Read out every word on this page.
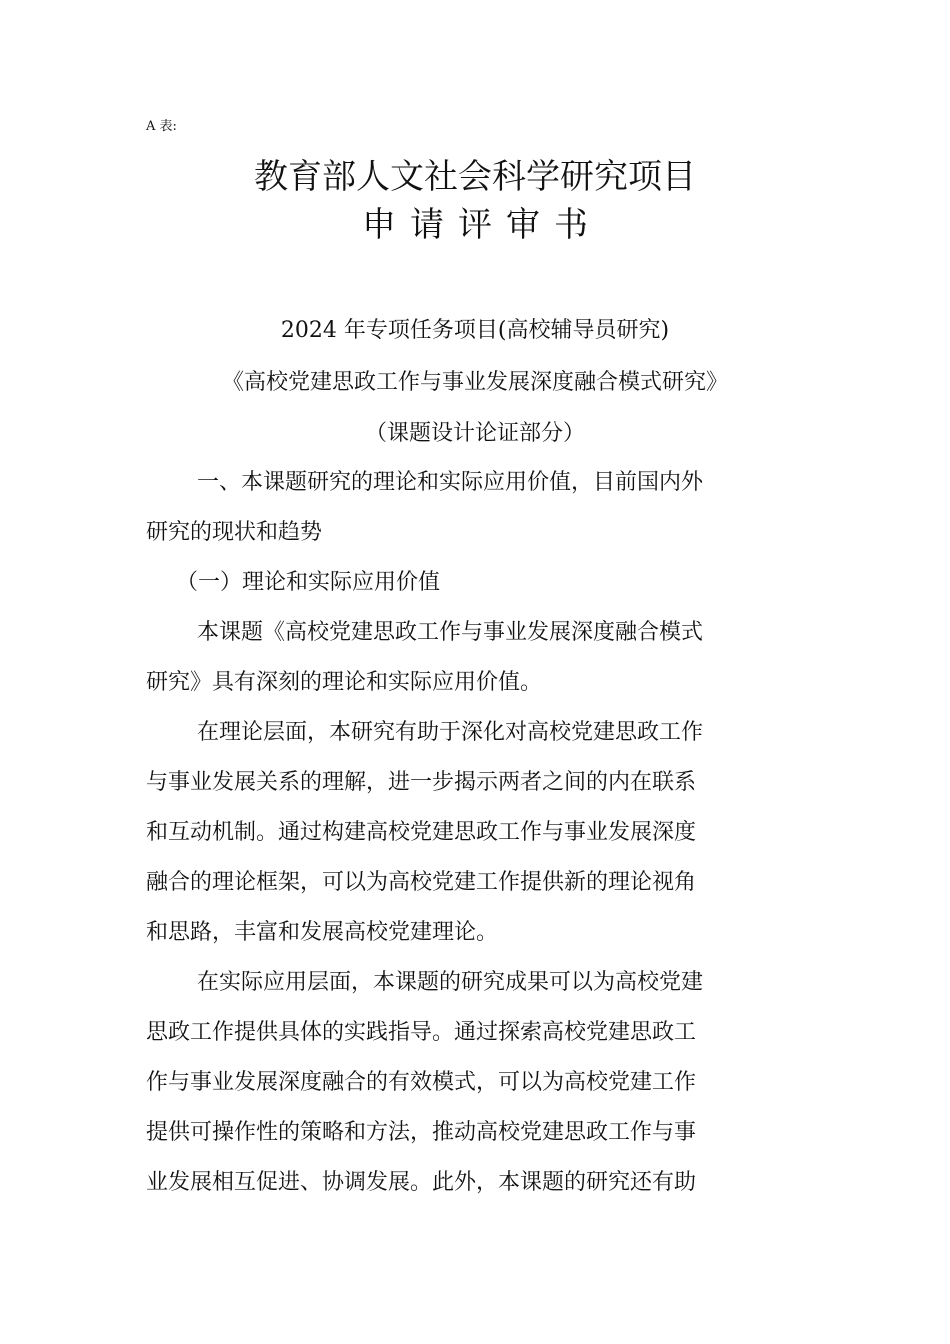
A 表:
教育部人文社会科学研究项目
申请评审书
2024 年专项任务项目(高校辅导员研究)
《高校党建思政工作与事业发展深度融合模式研究》
（课题设计论证部分）
一、本课题研究的理论和实际应用价值，目前国内外
研究的现状和趋势
（一）理论和实际应用价值
本课题《高校党建思政工作与事业发展深度融合模式
研究》具有深刻的理论和实际应用价值。
在理论层面，本研究有助于深化对高校党建思政工作
与事业发展关系的理解，进一步揭示两者之间的内在联系
和互动机制。通过构建高校党建思政工作与事业发展深度
融合的理论框架，可以为高校党建工作提供新的理论视角
和思路，丰富和发展高校党建理论。
在实际应用层面，本课题的研究成果可以为高校党建
思政工作提供具体的实践指导。通过探索高校党建思政工
作与事业发展深度融合的有效模式，可以为高校党建工作
提供可操作性的策略和方法，推动高校党建思政工作与事
业发展相互促进、协调发展。此外，本课题的研究还有助
